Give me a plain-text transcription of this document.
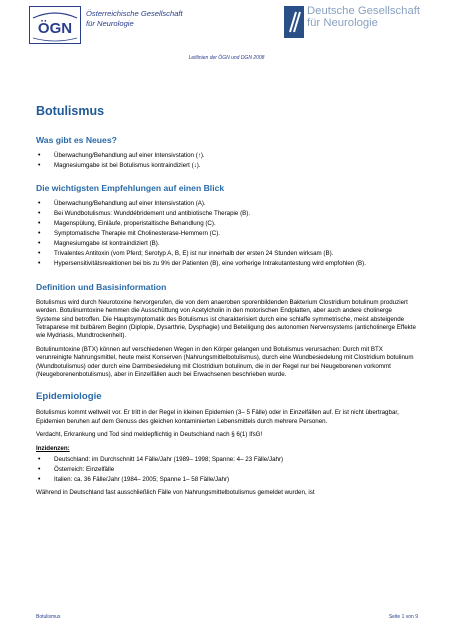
ÖGN
Österreichische Gesellschaft
für Neurologie
Deutsche Gesellschaft
für Neurologie
Leitlinien der ÖGN und DGN 2008
Botulismus
Was gibt es Neues?
• Überwachung/Behandlung auf einer Intensivstation (↑).
• Magnesiumgabe ist bei Botulismus kontraindiziert (↓).
Die wichtigsten Empfehlungen auf einen Blick
• Überwachung/Behandlung auf einer Intensivstation (A).
• Bei Wundbotulismus: Wunddébridement und antibiotische Therapie (B).
• Magenspülung, Einläufe, properistaltische Behandlung (C).
• Symptomatische Therapie mit Cholinesterase-Hemmern (C).
• Magnesiumgabe ist kontraindiziert (B).
• Trivalentes Antitoxin (vom Pferd; Serotyp A, B, E) ist nur innerhalb der ersten 24 Stunden wirksam (B).
• Hypersensitivitätsreaktionen bei bis zu 9% der Patienten (B), eine vorherige Intrakutantestung wird empfohlen (B).
Definition und Basisinformation

Botulismus wird durch Neurotoxine hervorgerufen, die von dem anaeroben sporenbildenden Bakterium Clostridium botulinum produziert werden. Botulinumtoxine hemmen die Ausschüttung von Acetylcholin in den motorischen Endplatten, aber auch andere cholinerge Systeme sind betroffen. Die Hauptsymptomatik des Botulismus ist charakterisiert durch eine schlaffe symmetrische, meist absteigende Tetraparese mit bulbärem Beginn (Diplopie, Dysarthrie, Dysphagie) und Beteiligung des autonomen Nervensystems (anticholinerge Effekte wie Mydriasis, Mundtrockenheit).

Botulinumtoxine (BTX) können auf verschiedenen Wegen in den Körper gelangen und Botulismus verursachen: Durch mit BTX verunreinigte Nahrungsmittel, heute meist Konserven (Nahrungsmittelbotulismus), durch eine Wundbesiedelung mit Clostridium botulinum (Wundbotulismus) oder durch eine Darmbesiedelung mit Clostridium botulinum, die in der Regel nur bei Neugeborenen vorkommt (Neugeborenenbotulismus), aber in Einzelfällen auch bei Erwachsenen beschrieben wurde.

Epidemiologie

Botulismus kommt weltweit vor. Er tritt in der Regel in kleinen Epidemien (3– 5 Fälle) oder in Einzelfällen auf. Er ist nicht übertragbar, Epidemien beruhen auf dem Genuss des gleichen kontaminierten Lebensmittels durch mehrere Personen.

Verdacht, Erkrankung und Tod sind meldepflichtig in Deutschland nach § 6(1) IfsG!

Inzidenzen:
• Deutschland: im Durchschnitt 14 Fälle/Jahr (1989– 1998; Spanne: 4– 23 Fälle/Jahr)
• Österreich: Einzelfälle
• Italien: ca. 36 Fälle/Jahr (1984– 2005; Spanne 1– 58 Fälle/Jahr)

Während in Deutschland fast ausschließlich Fälle von Nahrungsmittelbotulismus gemeldet wurden, ist

Botulismus	Seite 1 von 9
